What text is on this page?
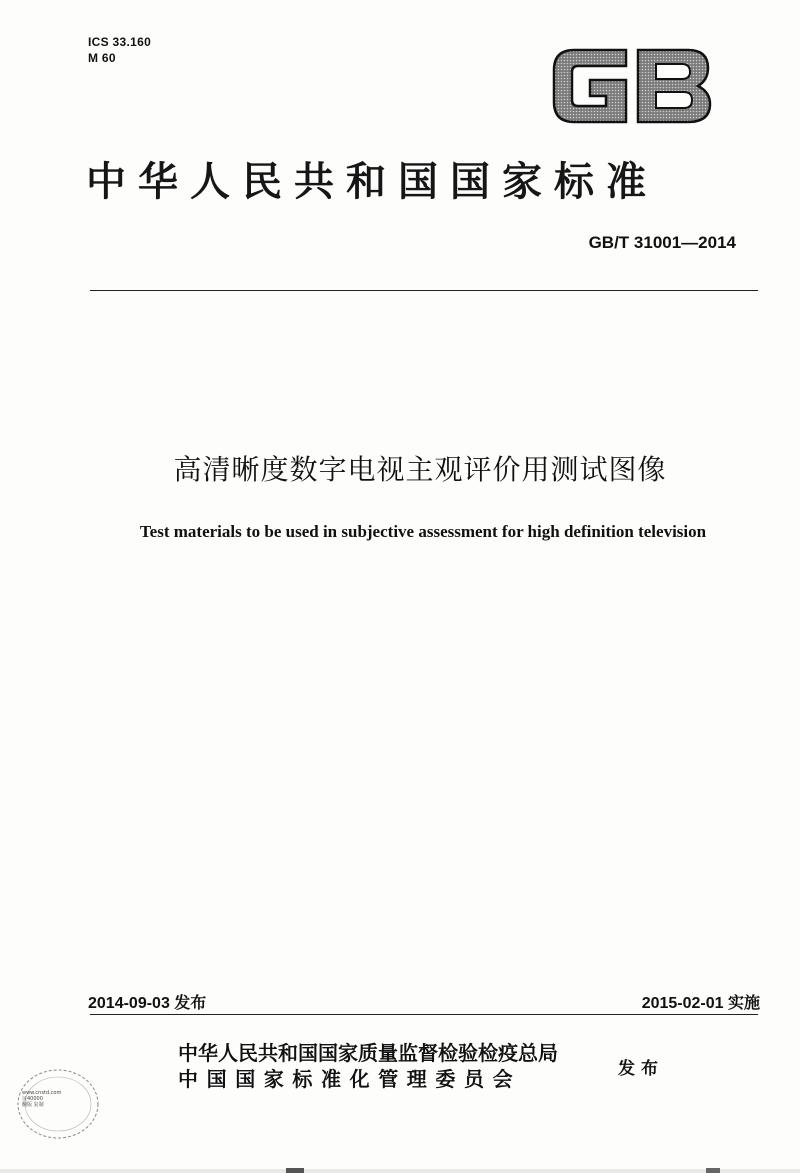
ICS 33.160
M 60
中华人民共和国国家标准
GB/T 31001—2014
高清晰度数字电视主观评价用测试图像
Test materials to be used in subjective assessment for high definition television
2014-09-03 发布	2015-02-01 实施
中华人民共和国国家质量监督检验检疫总局
中国国家标准化管理委员会	发布
www.cnstd.com
证40000
翻版 复制
